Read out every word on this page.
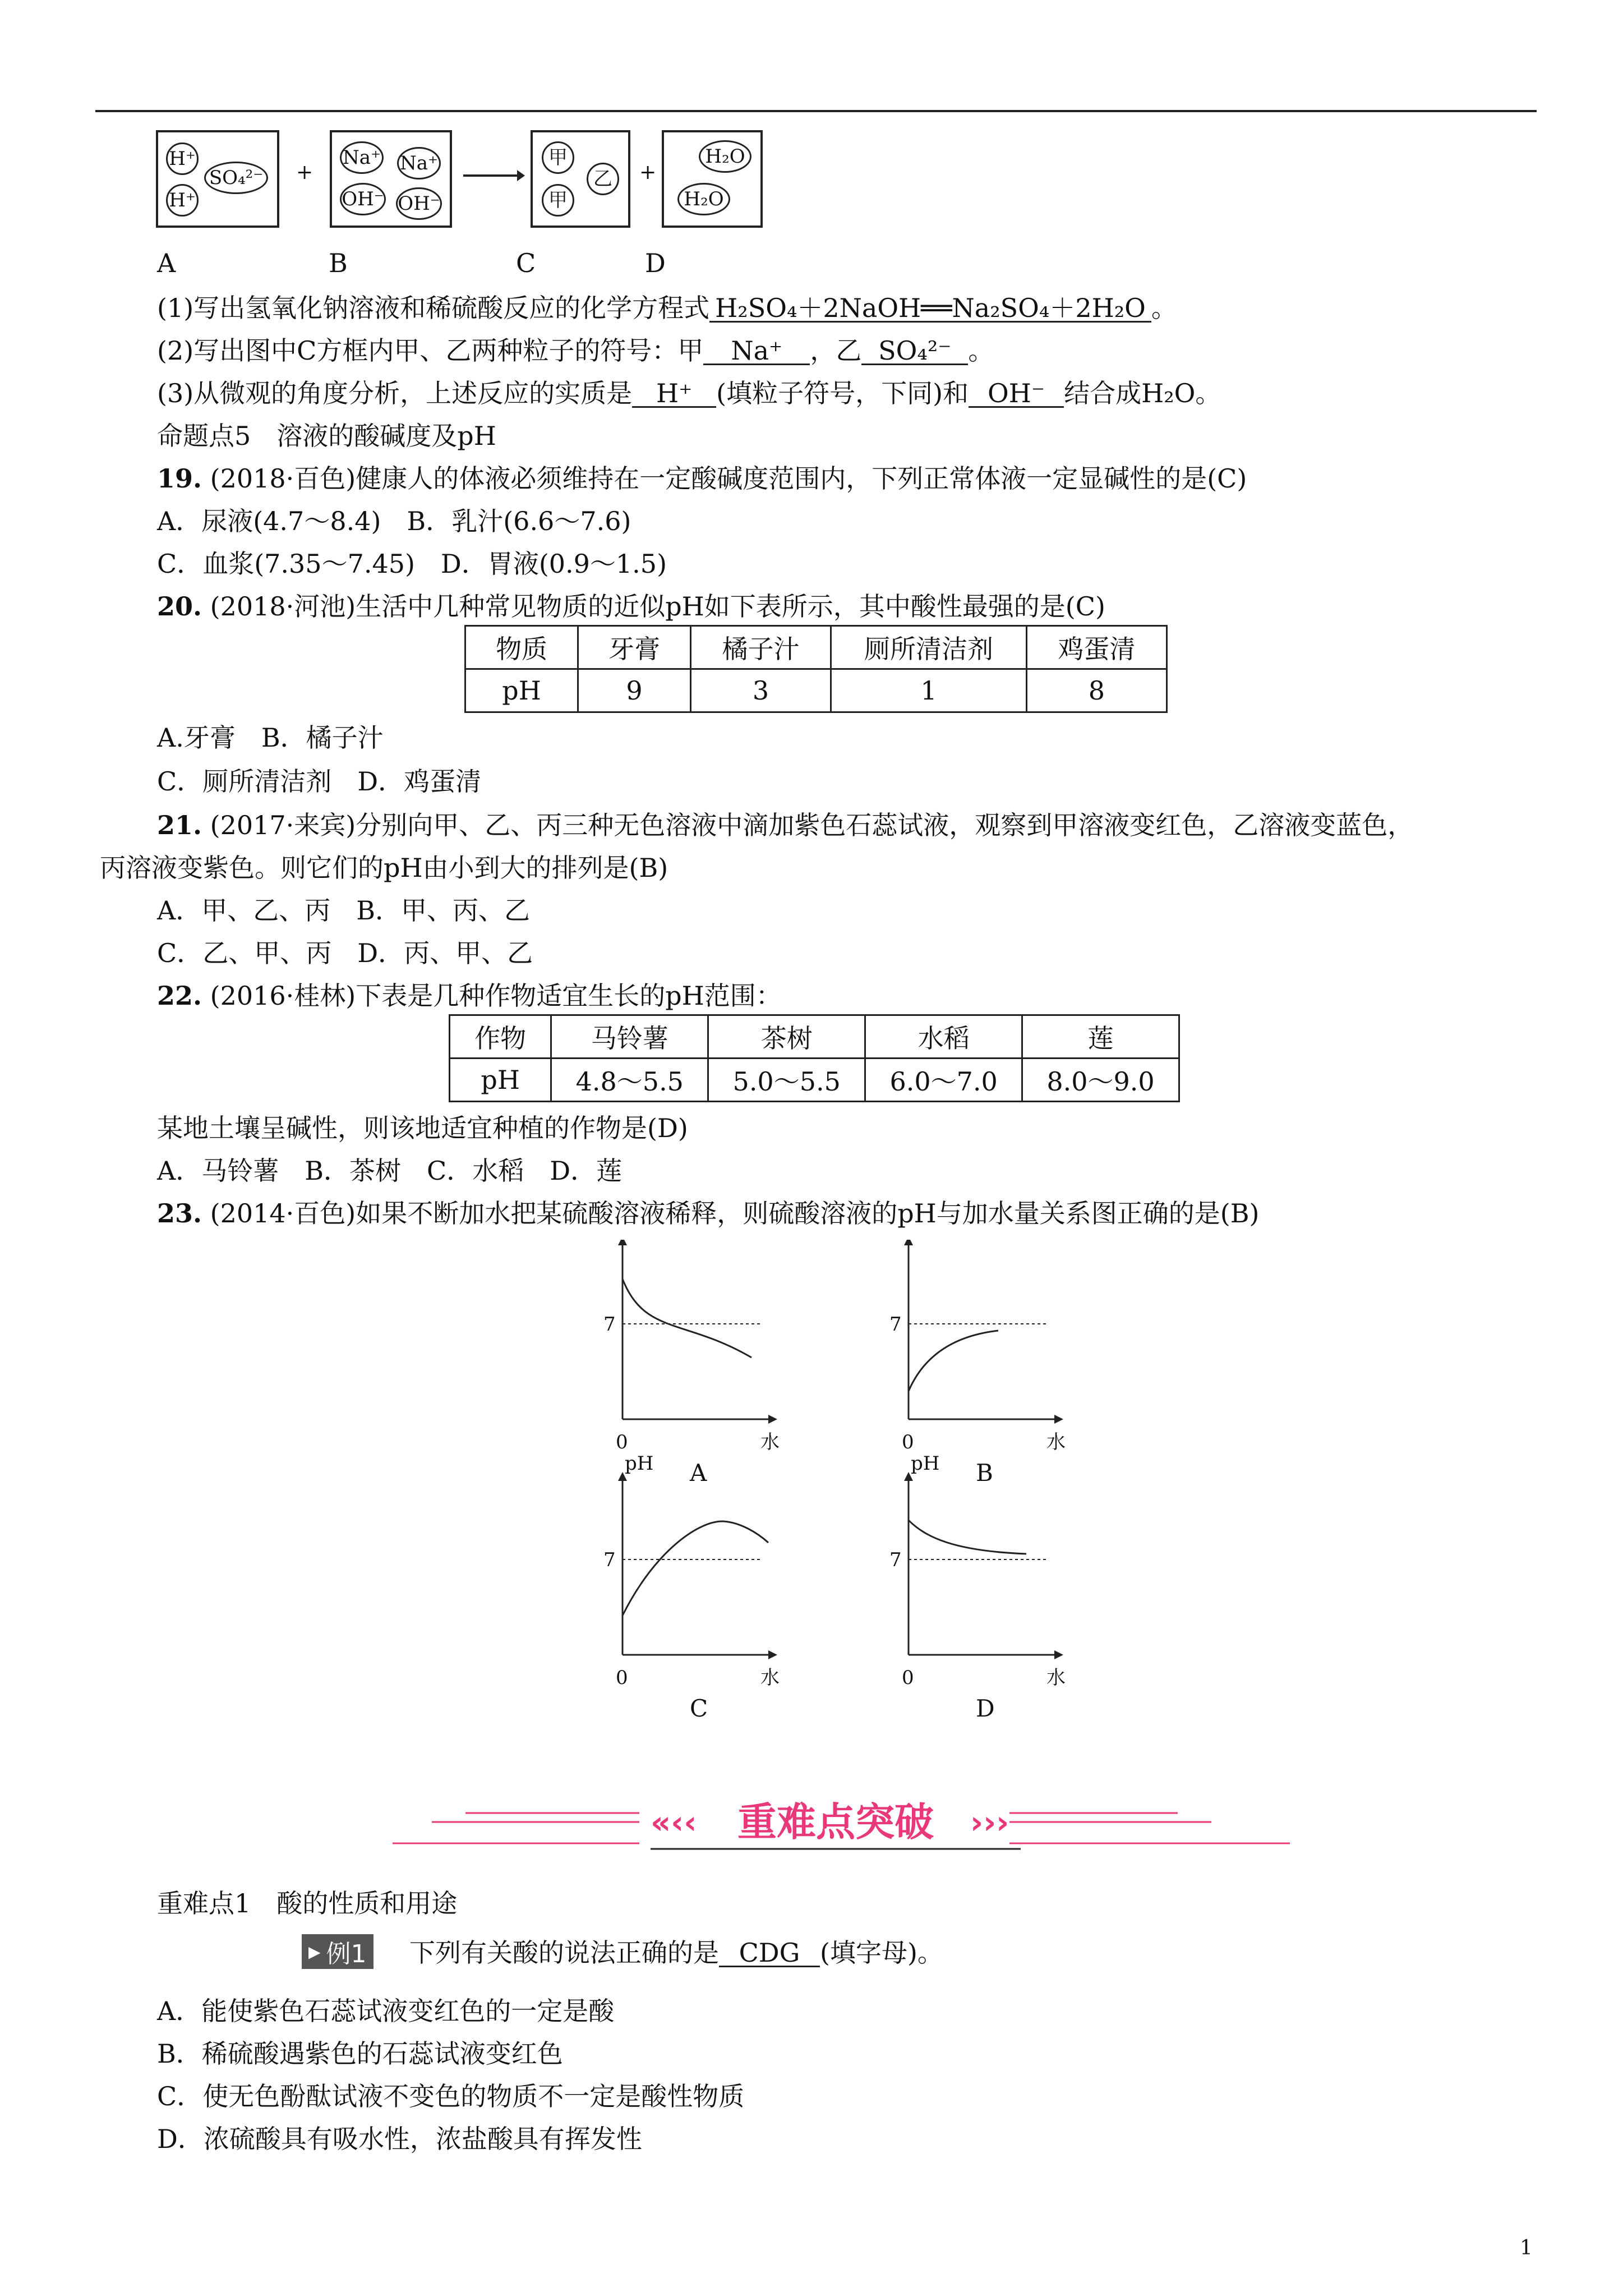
H⁺
H⁺
SO₄²⁻ +
Na⁺ Na⁺
OH⁻ OH⁻
甲
甲
乙	+
H₂O
H₂O
A	B	C	D
(1)写出氢氧化钠溶液和稀硫酸反应的化学方程式 H₂SO₄＋2NaOH══Na₂SO₄＋2H₂O 。
(2)写出图中C方框内甲、乙两种粒子的符号：甲 Na⁺ ，乙 SO₄²⁻ 。
(3)从微观的角度分析，上述反应的实质是 H⁺ (填粒子符号，下同)和 OH⁻ 结合成H₂O。
命题点5　溶液的酸碱度及pH
19. (2018·百色)健康人的体液必须维持在一定酸碱度范围内，下列正常体液一定显碱性的是(C)
A．尿液(4.7～8.4)　B．乳汁(6.6～7.6)
C．血浆(7.35～7.45)　D．胃液(0.9～1.5)
20. (2018·河池)生活中几种常见物质的近似pH如下表所示，其中酸性最强的是(C)
物质	牙膏	橘子汁	厕所清洁剂	鸡蛋清
pH	9	3	1	8
A.牙膏　B．橘子汁
C．厕所清洁剂　D．鸡蛋清
21. (2017·来宾)分别向甲、乙、丙三种无色溶液中滴加紫色石蕊试液，观察到甲溶液变红色，乙溶液变蓝色，
丙溶液变紫色。则它们的pH由小到大的排列是(B)
A．甲、乙、丙　B．甲、丙、乙
C．乙、甲、丙　D．丙、甲、乙
22. (2016·桂林)下表是几种作物适宜生长的pH范围：
作物	马铃薯	茶树	水稻	莲
pH	4.8～5.5	5.0～5.5	6.0～7.0	8.0～9.0
某地土壤呈碱性，则该地适宜种植的作物是(D)
A．马铃薯　B．茶树　C．水稻　D．莲
23. (2014·百色)如果不断加水把某硫酸溶液稀释，则硫酸溶液的pH与加水量关系图正确的是(B)
7
0	水
A
7
0	水
B
7
pH
0	水
C
7
pH
0	水
D
«‹‹ 重难点突破 ›››
重难点1　酸的性质和用途
▶ 例1 下列有关酸的说法正确的是 CDG (填字母)。
A．能使紫色石蕊试液变红色的一定是酸
B．稀硫酸遇紫色的石蕊试液变红色
C．使无色酚酞试液不变色的物质不一定是酸性物质
D．浓硫酸具有吸水性，浓盐酸具有挥发性
1
